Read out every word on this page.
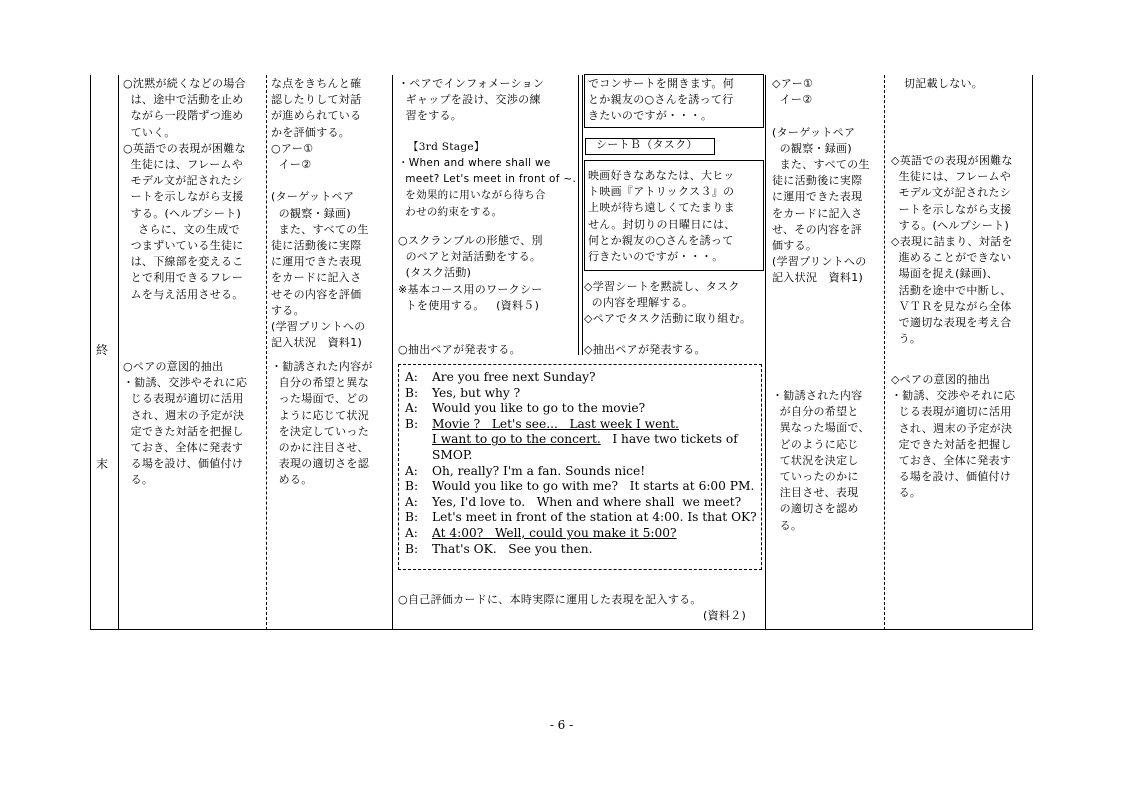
終
末
○沈黙が続くなどの場合
は、途中で活動を止め
ながら一段階ずつ進め
ていく。
○英語での表現が困難な
生徒には、フレームや
モデル文が記されたシ
ートを示しながら支援
する。(ヘルプシート)
さらに、文の生成で
つまずいている生徒に
は、下線部を変えるこ
とで利用できるフレー
ムを与え活用させる。
○ペアの意図的抽出
・勧誘、交渉やそれに応
じる表現が適切に活用
され、週末の予定が決
定できた対話を把握し
ておき、全体に発表す
る場を設け、価値付け
る。
な点をきちんと確
認したりして対話
が進められている
かを評価する。
○アー①
イー②

(ターゲットペア
の観察・録画)
また、すべての生
徒に活動後に実際
に運用できた表現
をカードに記入さ
せその内容を評価
する。
(学習プリントへの
記入状況   資料1)
・勧誘された内容が
自分の希望と異な
った場面で、どの
ように応じて状況
を決定していった
のかに注目させ、
表現の適切さを認
める。
・ペアでインフォメーション
ギャップを設け、交渉の練
習をする。
【3rd Stage】
・When and where shall we
meet? Let's meet in front of ~.
を効果的に用いながら待ち合
わせの約束をする。
○スクランブルの形態で、別
のペアと対話活動をする。
(タスク活動)
※基本コース用のワークシー
トを使用する。   (資料５)
○抽出ペアが発表する。
でコンサートを開きます。何
とか親友の○さんを誘って行
きたいのですが・・・。
シートＢ（タスク）
映画好きなあなたは、大ヒッ
ト映画『アトリックス３』の
上映が待ち遠しくてたまりま
せん。封切りの日曜日には、
何とか親友の○さんを誘って
行きたいのですが・・・。
◇学習シートを黙読し、タスク
の内容を理解する。
◇ペアでタスク活動に取り組む。
◇抽出ペアが発表する。
A: Are you free next Sunday?
B: Yes, but why ?
A: Would you like to go to the movie?
B: Movie ?   Let's see...   Last week I went.
I want to go to the concert.   I have two tickets of
SMOP.
A: Oh, really? I'm a fan. Sounds nice!
B: Would you like to go with me?   It starts at 6:00 PM.
A: Yes, I'd love to.   When and where shall  we meet?
B: Let's meet in front of the station at 4:00. Is that OK?
A: At 4:00?   Well, could you make it 5:00?
B: That's OK.   See you then.
○自己評価カードに、本時実際に運用した表現を記入する。
(資料２)
◇アー①
イー②

(ターゲットペア
の観察・録画)
また、すべての生
徒に活動後に実際
に運用できた表現
をカードに記入さ
せ、その内容を評
価する。
(学習プリントへの
記入状況   資料1)
・勧誘された内容
が自分の希望と
異なった場面で、
どのように応じ
て状況を決定し
ていったのかに
注目させ、表現
の適切さを認め
る。
切記載しない。
◇英語での表現が困難な
生徒には、フレームや
モデル文が記されたシ
ートを示しながら支援
する。(ヘルプシート)
◇表現に詰まり、対話を
進めることができない
場面を捉え(録画)、
活動を途中で中断し、
ＶＴＲを見ながら全体
で適切な表現を考え合
う。
◇ペアの意図的抽出
・勧誘、交渉やそれに応
じる表現が適切に活用
され、週末の予定が決
定できた対話を把握し
ておき、全体に発表す
る場を設け、価値付け
る。
- 6 -
